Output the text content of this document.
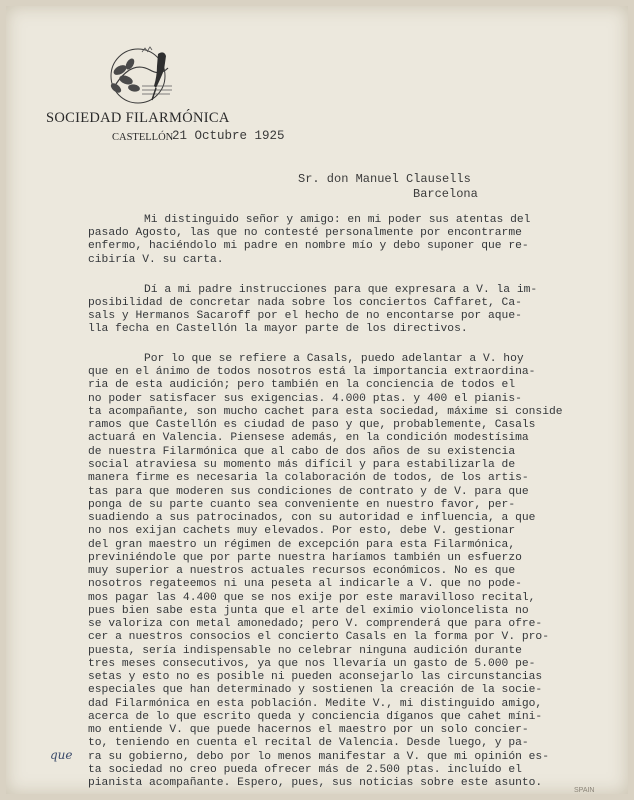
SOCIEDAD FILARMÓNICA
CASTELLÓN
21 Octubre 1925
Sr. don Manuel Clausells
Barcelona
Mi distinguido señor y amigo: en mi poder sus atentas del
pasado Agosto, las que no contesté personalmente por encontrarme
enfermo, haciéndolo mi padre en nombre mío y debo suponer que re-
cibiría V. su carta.
Dí a mi padre instrucciones para que expresara a V. la im-
posibilidad de concretar nada sobre los conciertos Caffaret, Ca-
sals y Hermanos Sacaroff por el hecho de no encontarse por aque-
lla fecha en Castellón la mayor parte de los directivos.
Por lo que se refiere a Casals, puedo adelantar a V. hoy
que en el ánimo de todos nosotros está la importancia extraordina-
ria de esta audición; pero también en la conciencia de todos el
no poder satisfacer sus exigencias. 4.000 ptas. y 400 el pianis-
ta acompañante, son mucho cachet para esta sociedad, máxime si conside
ramos que Castellón es ciudad de paso y que, probablemente, Casals
actuará en Valencia. Piensese además, en la condición modestísima
de nuestra Filarmónica que al cabo de dos años de su existencia
social atraviesa su momento más difícil y para estabilizarla de
manera firme es necesaria la colaboración de todos, de los artis-
tas para que moderen sus condiciones de contrato y de V. para que
ponga de su parte cuanto sea conveniente en nuestro favor, per-
suadiendo a sus patrocinados, con su autoridad e influencia, a que
no nos exijan cachets muy elevados. Por esto, debe V. gestionar
del gran maestro un régimen de excepción para esta Filarmónica,
previniéndole que por parte nuestra haríamos también un esfuerzo
muy superior a nuestros actuales recursos económicos. No es que
nosotros regateemos ni una peseta al indicarle a V. que no pode-
mos pagar las 4.400 que se nos exije por este maravilloso recital,
pues bien sabe esta junta que el arte del eximio violoncelista no
se valoriza con metal amonedado; pero V. comprenderá que para ofre-
cer a nuestros consocios el concierto Casals en la forma por V. pro-
puesta, sería indispensable no celebrar ninguna audición durante
tres meses consecutivos, ya que nos llevaría un gasto de 5.000 pe-
setas y esto no es posible ni pueden aconsejarlo las circunstancias
especiales que han determinado y sostienen la creación de la socie-
dad Filarmónica en esta población. Medite V., mi distinguido amigo,
acerca de lo que escrito queda y conciencia díganos que cahet míni-
mo entiende V. que puede hacernos el maestro por un solo concier-
to, teniendo en cuenta el recital de Valencia. Desde luego, y pa-
ra su gobierno, debo por lo menos manifestar a V. que mi opinión es-
ta sociedad no creo pueda ofrecer más de 2.500 ptas. incluído el
pianista acompañante. Espero, pues, sus noticias sobre este asunto.
que
SPAIN
